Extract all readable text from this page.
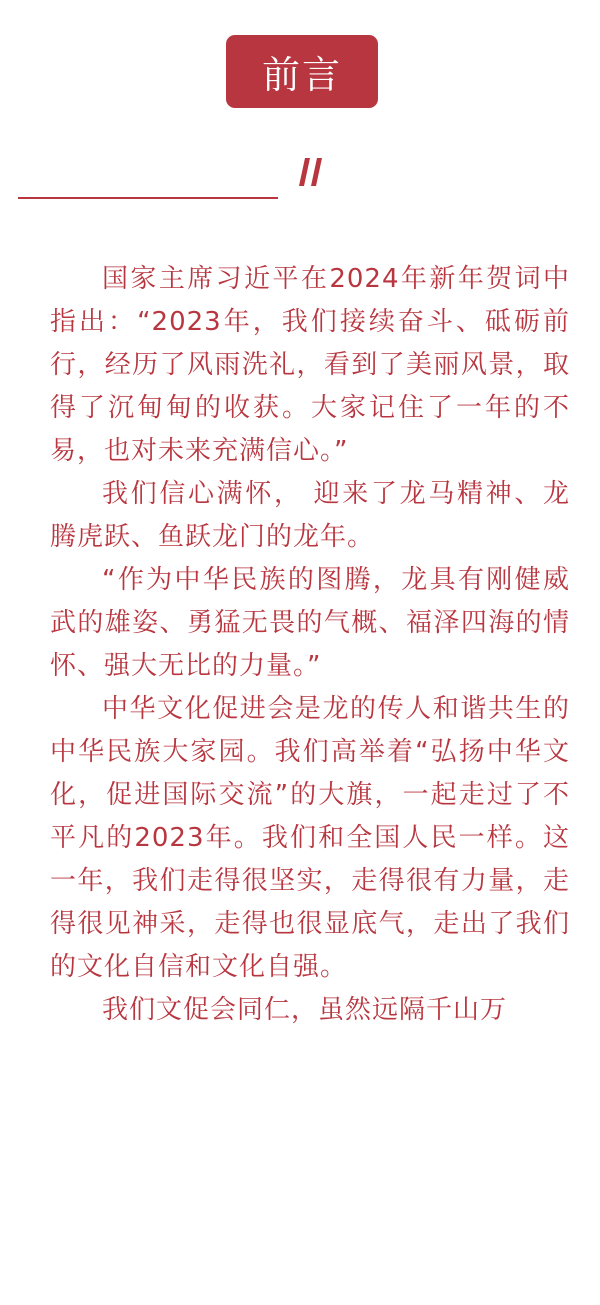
前言

国家主席习近平在2024年新年贺词中指出：“2023年，我们接续奋斗、砥砺前行，经历了风雨洗礼，看到了美丽风景，取得了沉甸甸的收获。大家记住了一年的不易，也对未来充满信心。”

我们信心满怀， 迎来了龙马精神、龙腾虎跃、鱼跃龙门的龙年。

“作为中华民族的图腾，龙具有刚健威武的雄姿、勇猛无畏的气概、福泽四海的情怀、强大无比的力量。”

中华文化促进会是龙的传人和谐共生的中华民族大家园。我们高举着“弘扬中华文化，促进国际交流”的大旗，一起走过了不平凡的2023年。我们和全国人民一样。这一年，我们走得很坚实，走得很有力量，走得很见神采，走得也很显底气，走出了我们的文化自信和文化自强。

我们文促会同仁，虽然远隔千山万
